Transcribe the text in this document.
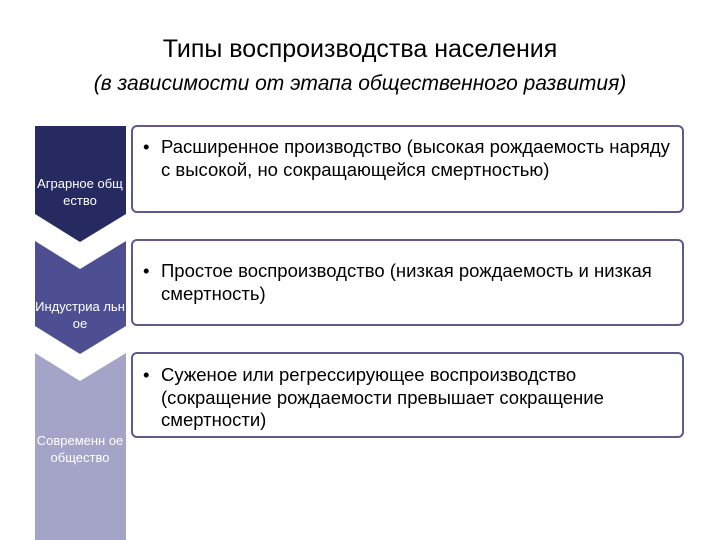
Типы воспроизводства населения
(в зависимости от этапа общественного развития)
Аграрное общество
Индустриа льное
Современн ое общество
• Расширенное производство (высокая рождаемость наряду с высокой, но сокращающейся смертностью)
• Простое воспроизводство (низкая рождаемость и низкая смертность)
• Суженое или регрессирующее воспроизводство (сокращение рождаемости превышает сокращение смертности)
